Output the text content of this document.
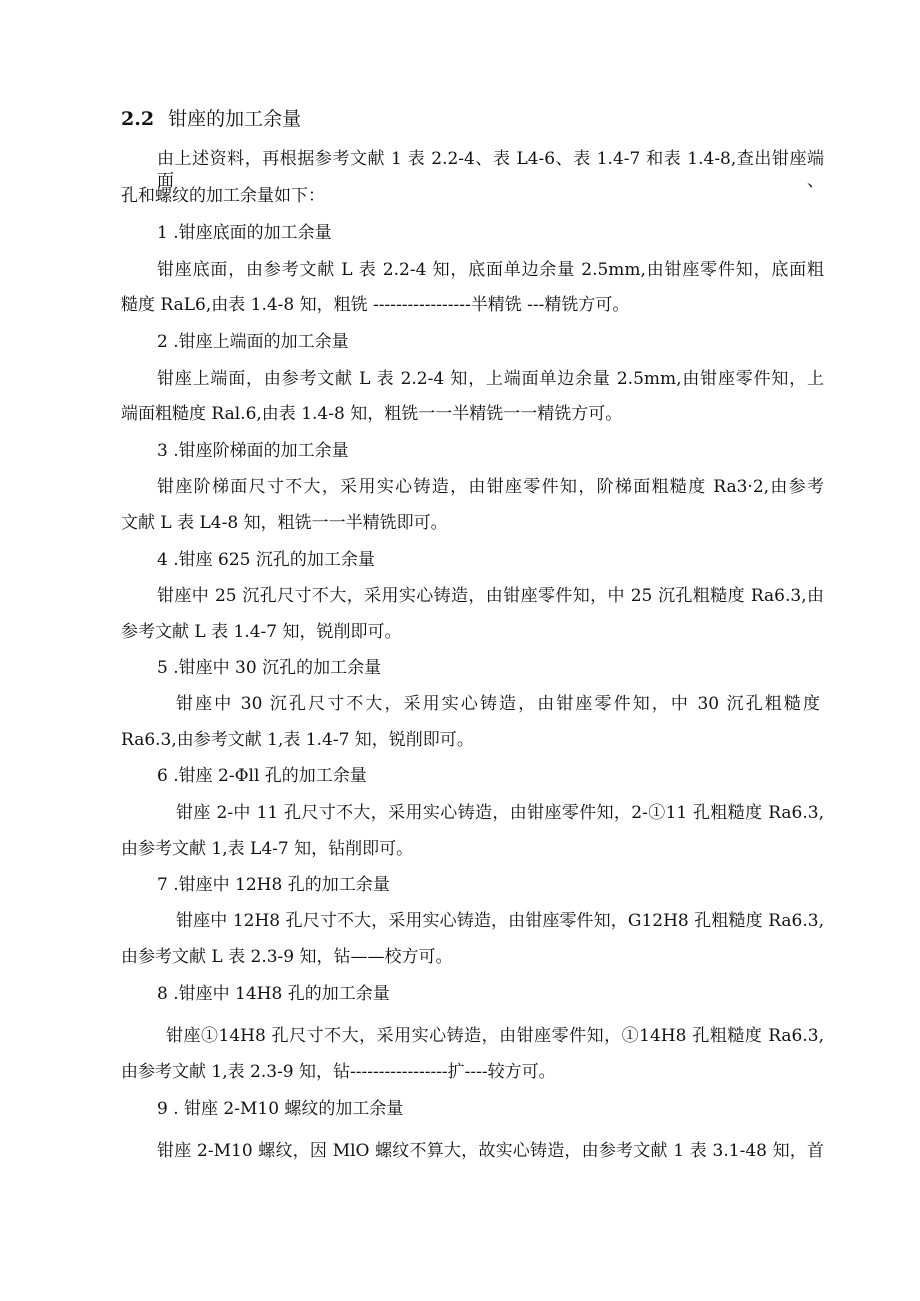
2.2 钳座的加工余量
由上述资料，再根据参考文献 1 表 2.2-4、表 L4-6、表 1.4-7 和表 1.4-8,查出钳座端面、
孔和螺纹的加工余量如下：
1 .钳座底面的加工余量
钳座底面，由参考文献 L 表 2.2-4 知，底面单边余量 2.5mm,由钳座零件知，底面粗
糙度 RaL6,由表 1.4-8 知，粗铣 -----------------半精铣 ---精铣方可。
2 .钳座上端面的加工余量
钳座上端面，由参考文献 L 表 2.2-4 知，上端面单边余量 2.5mm,由钳座零件知，上
端面粗糙度 Ral.6,由表 1.4-8 知，粗铣一一半精铣一一精铣方可。
3 .钳座阶梯面的加工余量
钳座阶梯面尺寸不大，采用实心铸造，由钳座零件知，阶梯面粗糙度 Ra3·2,由参考
文献 L 表 L4-8 知，粗铣一一半精铣即可。
4 .钳座 625 沉孔的加工余量
钳座中 25 沉孔尺寸不大，采用实心铸造，由钳座零件知，中 25 沉孔粗糙度 Ra6.3,由
参考文献 L 表 1.4-7 知，锐削即可。
5 .钳座中 30 沉孔的加工余量
钳座中 30 沉孔尺寸不大，采用实心铸造，由钳座零件知，中 30 沉孔粗糙度
Ra6.3,由参考文献 1,表 1.4-7 知，锐削即可。
6 .钳座 2-Φll 孔的加工余量
钳座 2-中 11 孔尺寸不大，采用实心铸造，由钳座零件知，2-①11 孔粗糙度 Ra6.3,
由参考文献 1,表 L4-7 知，钻削即可。
7 .钳座中 12H8 孔的加工余量
钳座中 12H8 孔尺寸不大，采用实心铸造，由钳座零件知，G12H8 孔粗糙度 Ra6.3,
由参考文献 L 表 2.3-9 知，钻——校方可。
8 .钳座中 14H8 孔的加工余量
钳座①14H8 孔尺寸不大，采用实心铸造，由钳座零件知，①14H8 孔粗糙度 Ra6.3,
由参考文献 1,表 2.3-9 知，钻-----------------扩----较方可。
9 . 钳座 2-M10 螺纹的加工余量
钳座 2-M10 螺纹，因 MlO 螺纹不算大，故实心铸造，由参考文献 1 表 3.1-48 知，首
